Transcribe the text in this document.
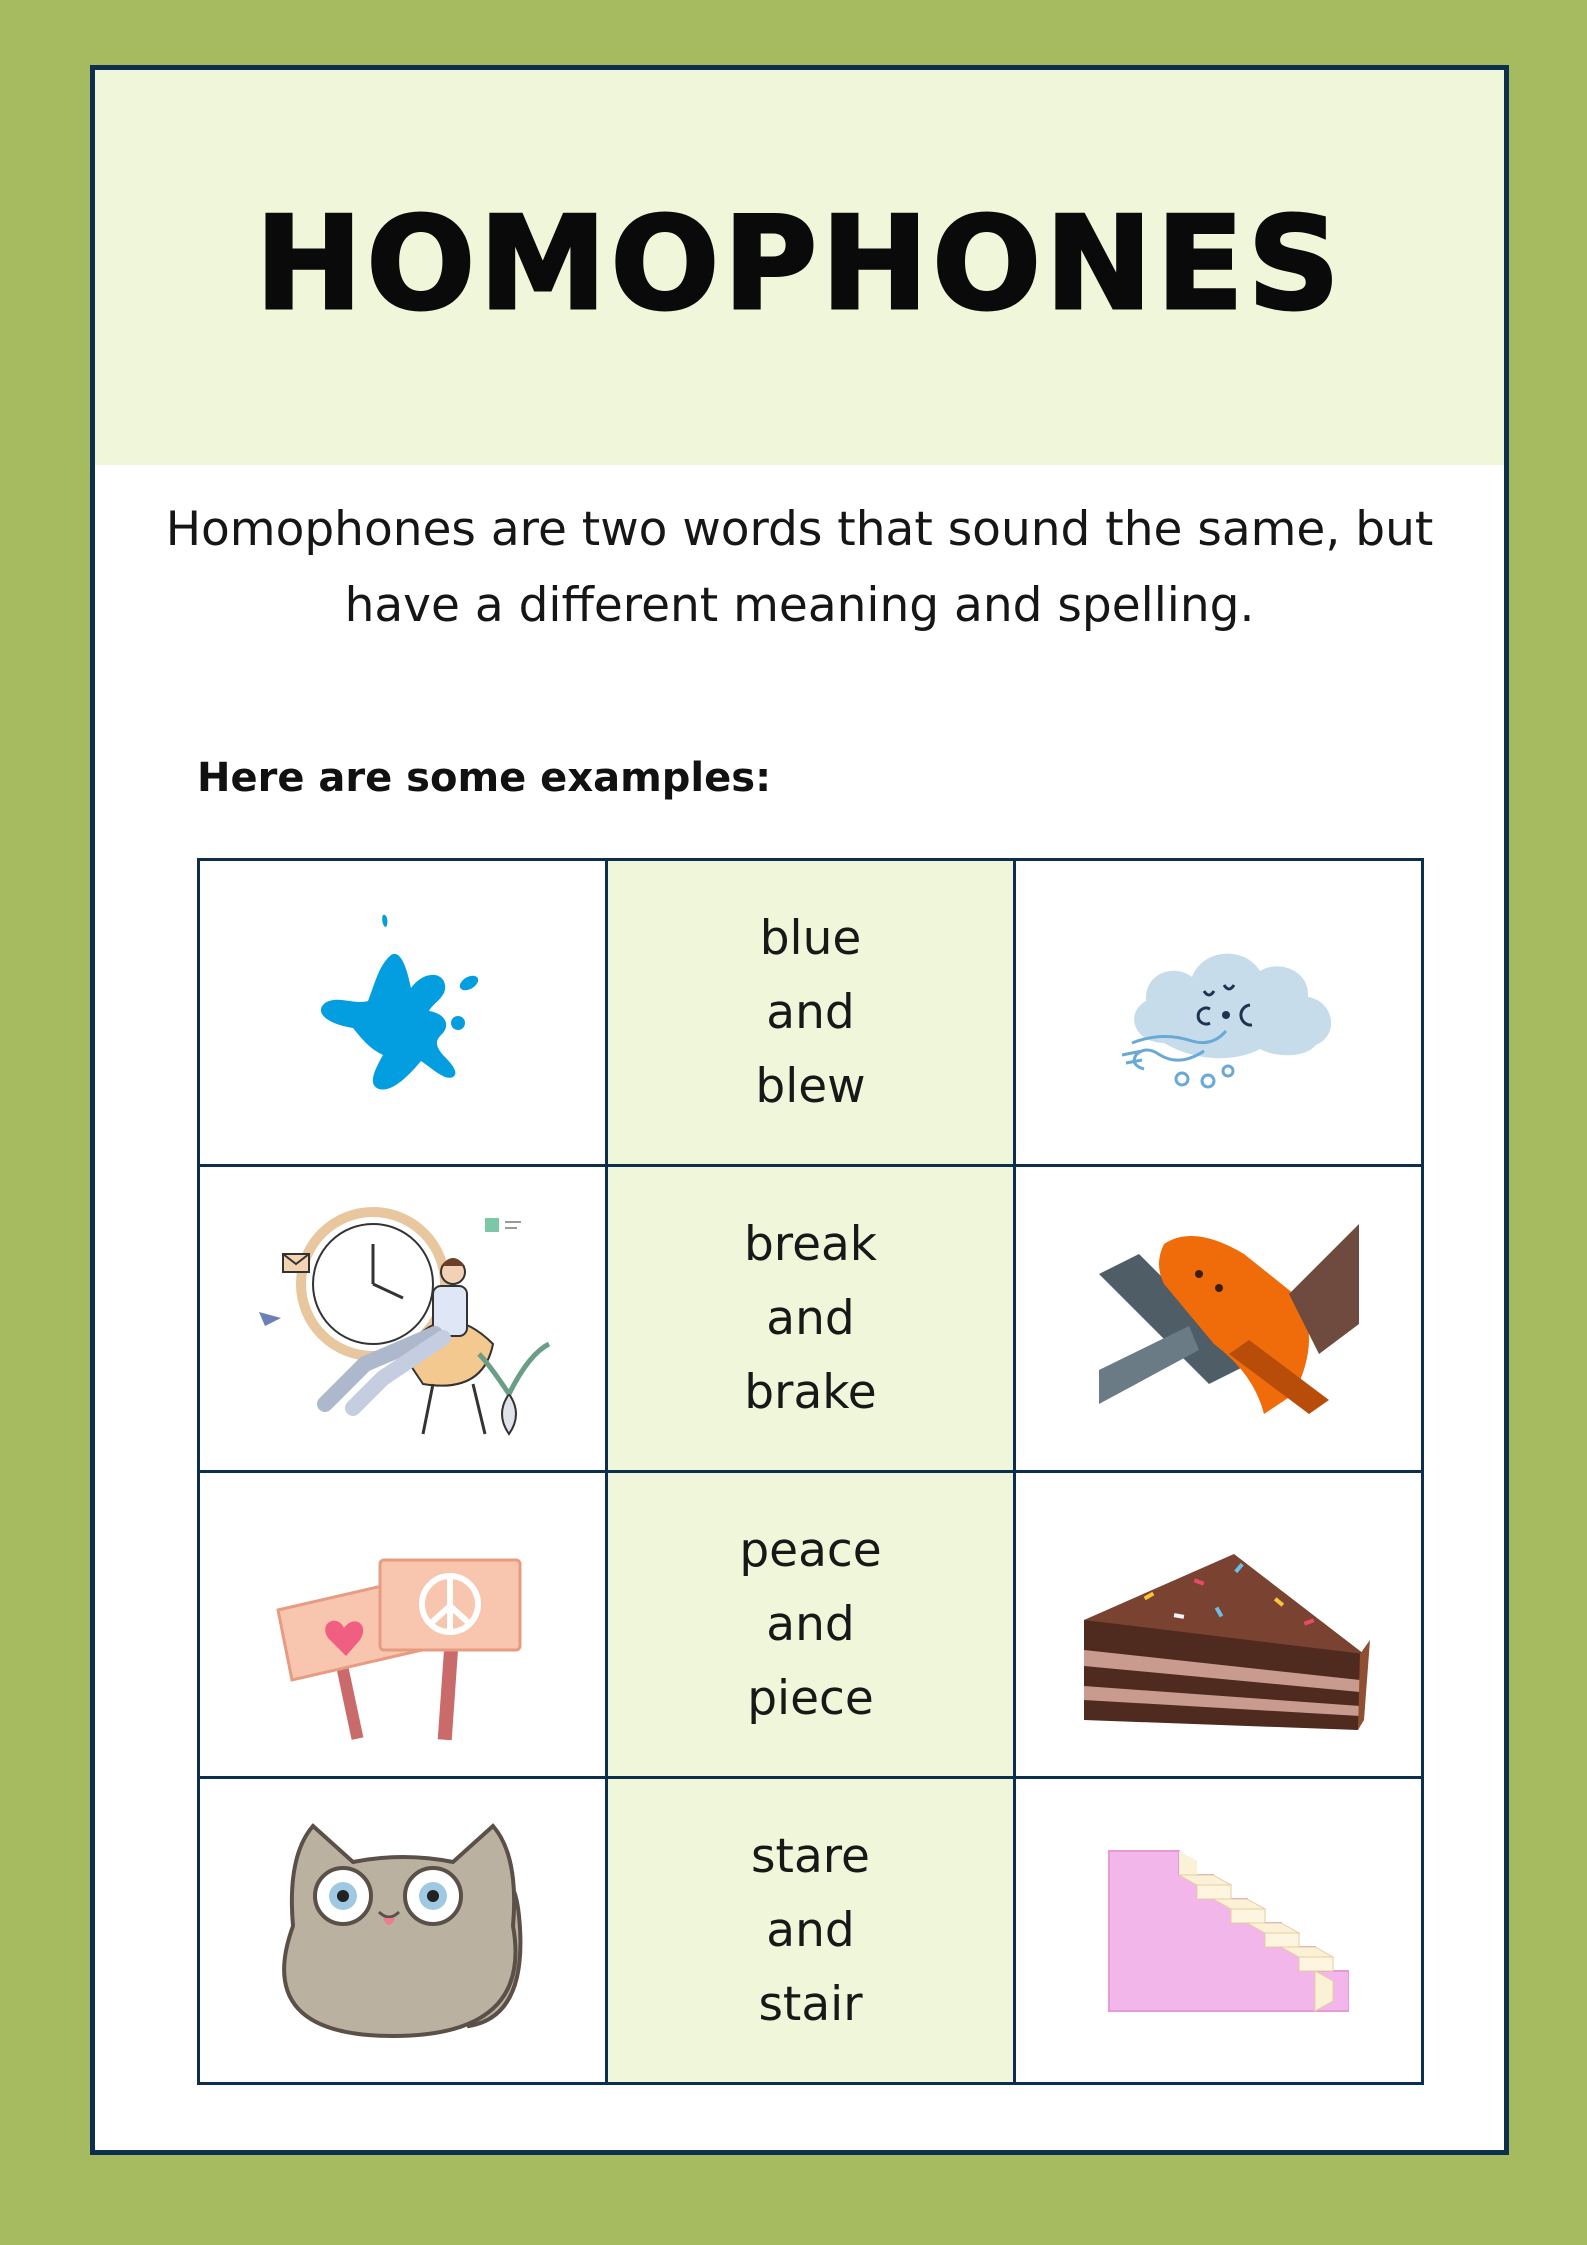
HOMOPHONES
Homophones are two words that sound the same, but have a different meaning and spelling.
Here are some examples:

blue
and
blew

break
and
brake

peace
and
piece

stare
and
stair
